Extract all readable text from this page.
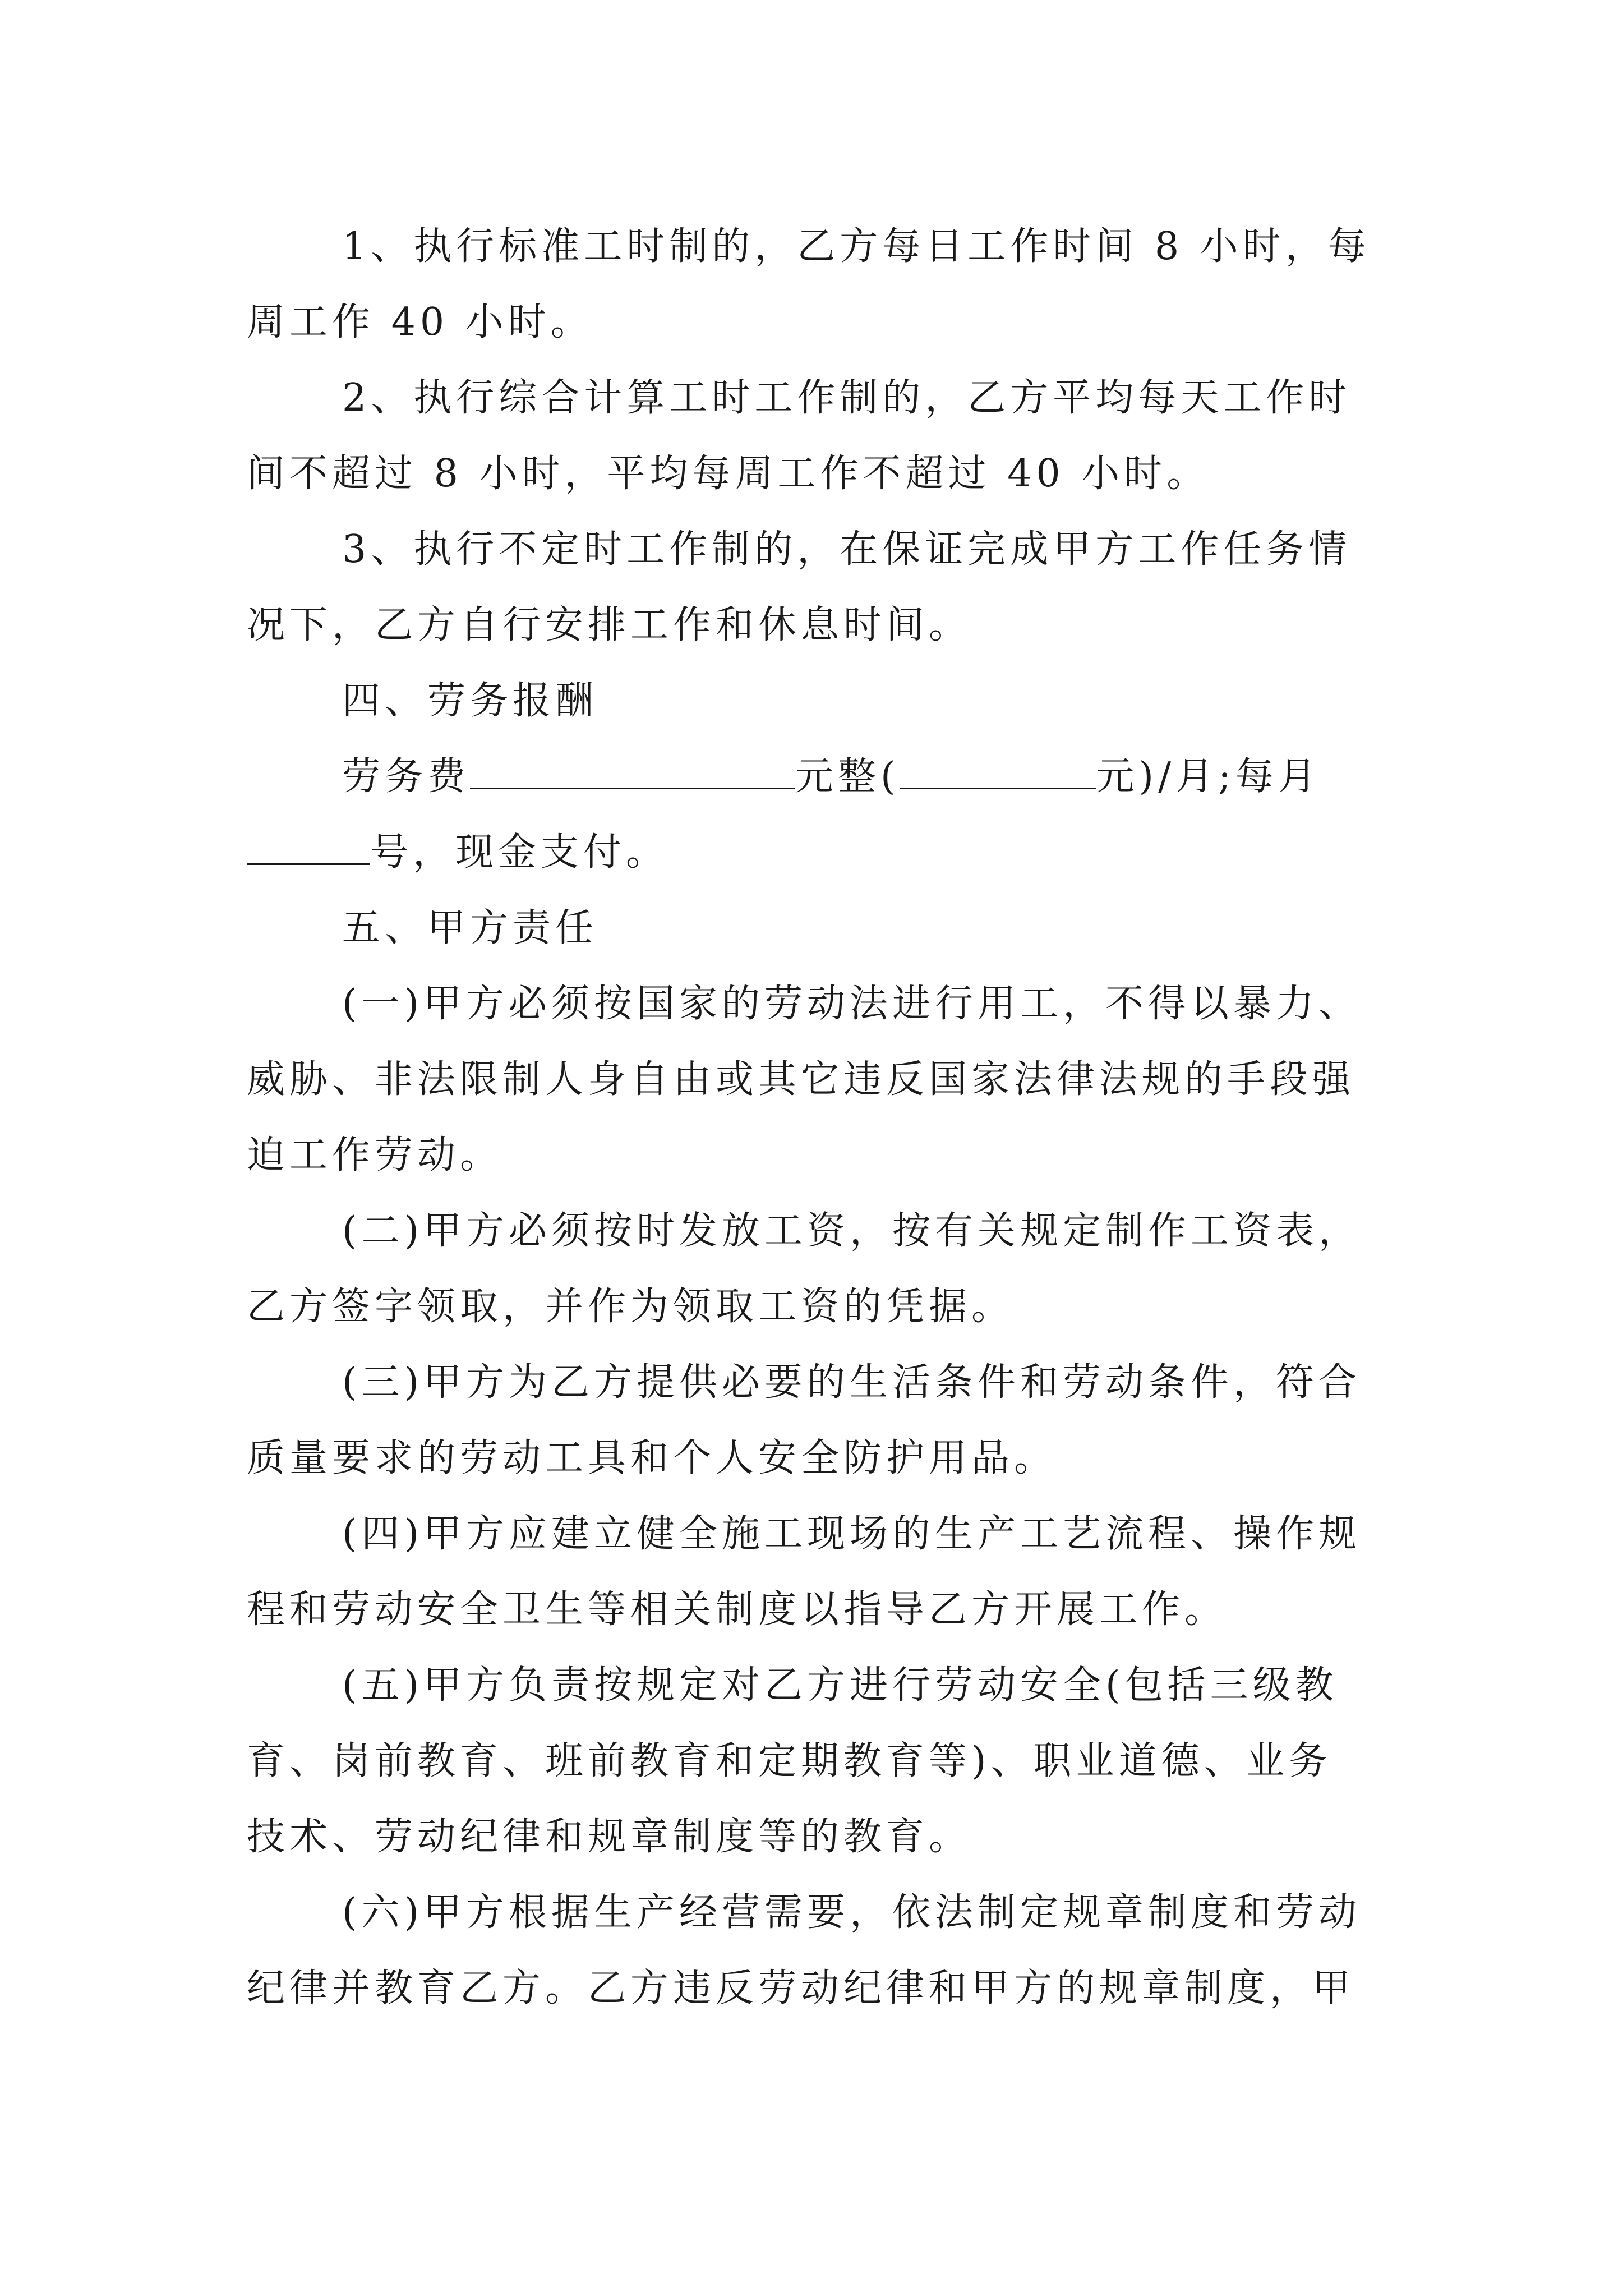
1、执行标准工时制的，乙方每日工作时间 8 小时，每
周工作 40 小时。
2、执行综合计算工时工作制的，乙方平均每天工作时
间不超过 8 小时，平均每周工作不超过 40 小时。
3、执行不定时工作制的，在保证完成甲方工作任务情
况下，乙方自行安排工作和休息时间。
四、劳务报酬
劳务费	元整(	元)/月;每月
号，现金支付。
五、甲方责任
(一)甲方必须按国家的劳动法进行用工，不得以暴力、
威胁、非法限制人身自由或其它违反国家法律法规的手段强
迫工作劳动。
(二)甲方必须按时发放工资，按有关规定制作工资表，
乙方签字领取，并作为领取工资的凭据。
(三)甲方为乙方提供必要的生活条件和劳动条件，符合
质量要求的劳动工具和个人安全防护用品。
(四)甲方应建立健全施工现场的生产工艺流程、操作规
程和劳动安全卫生等相关制度以指导乙方开展工作。
(五)甲方负责按规定对乙方进行劳动安全(包括三级教
育、岗前教育、班前教育和定期教育等)、职业道德、业务
技术、劳动纪律和规章制度等的教育。
(六)甲方根据生产经营需要，依法制定规章制度和劳动
纪律并教育乙方。乙方违反劳动纪律和甲方的规章制度，甲
